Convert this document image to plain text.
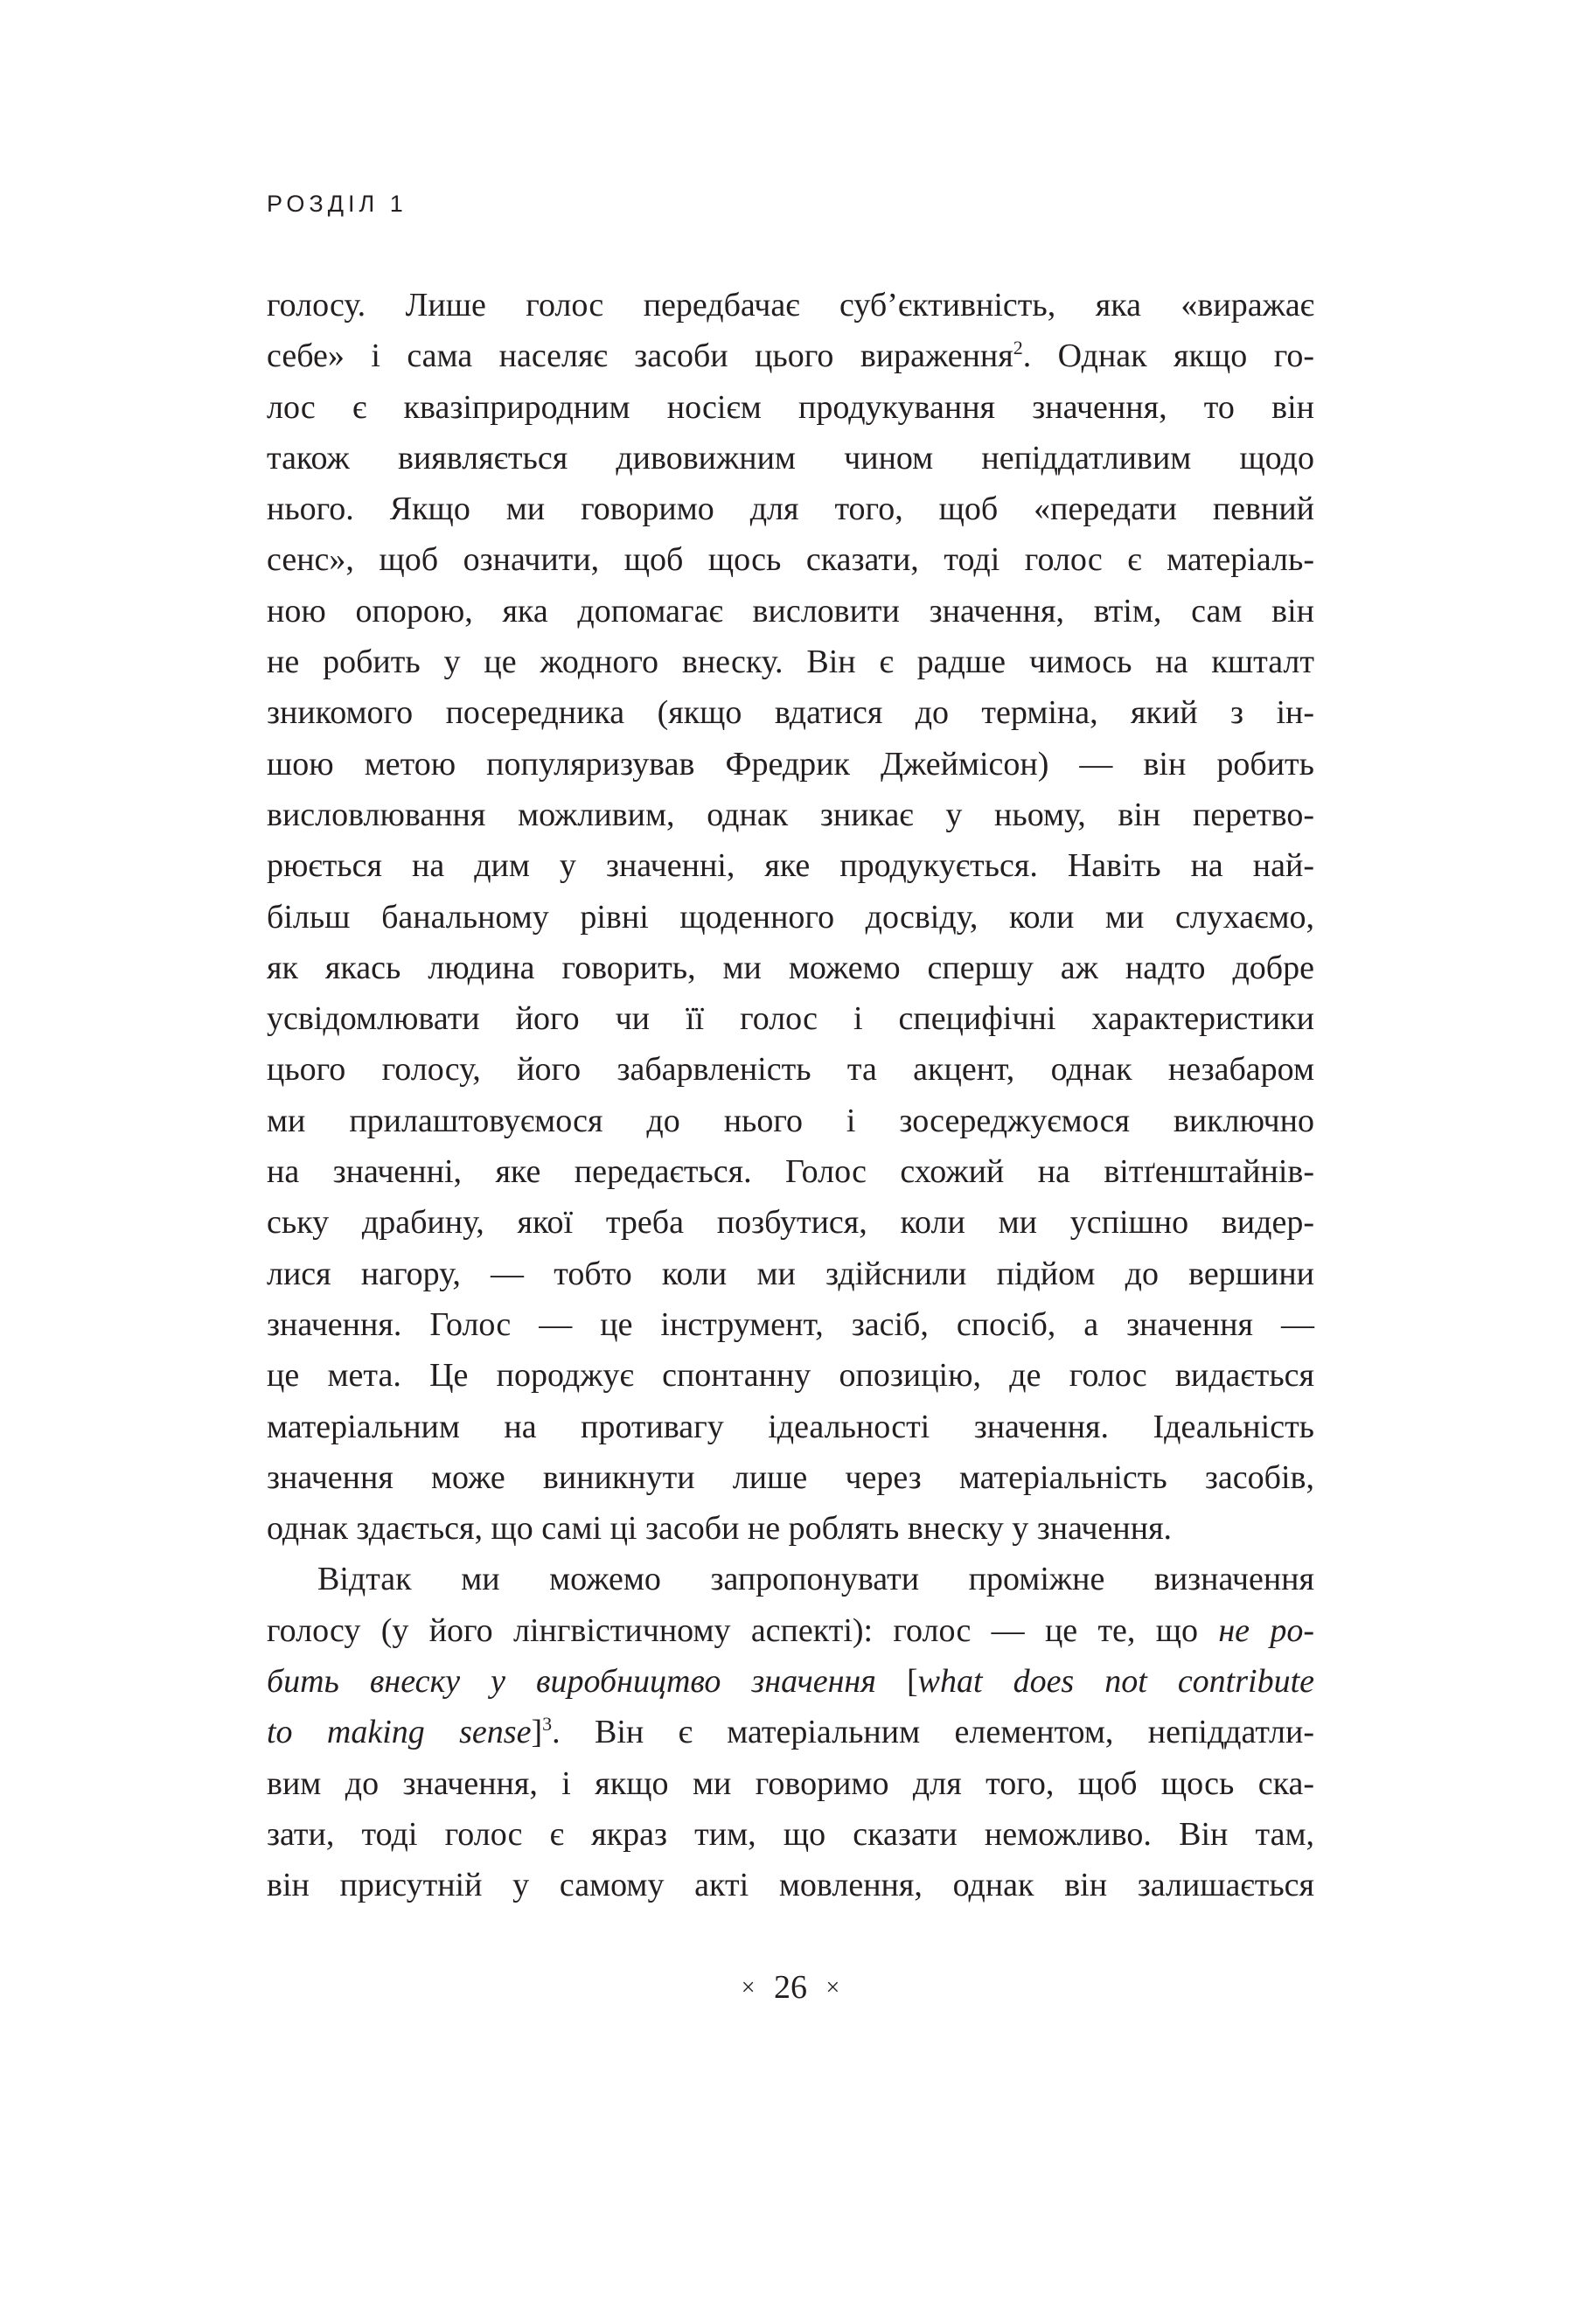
РОЗДІЛ 1
голосу. Лише голос передбачає суб’єктивність, яка «виражає
себе» і сама населяє засоби цього вираження$^2$. Однак якщо го-
лос є квазіприродним носієм продукування значення, то він
також виявляється дивовижним чином непіддатливим щодо
нього. Якщо ми говоримо для того, щоб «передати певний
сенс», щоб означити, щоб щось сказати, тоді голос є матеріаль-
ною опорою, яка допомагає висловити значення, втім, сам він
не робить у це жодного внеску. Він є радше чимось на кшталт
зникомого посередника (якщо вдатися до терміна, який з ін-
шою метою популяризував Фредрик Джеймісон) — він робить
висловлювання можливим, однак зникає у ньому, він перетво-
рюється на дим у значенні, яке продукується. Навіть на най-
більш банальному рівні щоденного досвіду, коли ми слухаємо,
як якась людина говорить, ми можемо спершу аж надто добре
усвідомлювати його чи її голос і специфічні характеристики
цього голосу, його забарвленість та акцент, однак незабаром
ми прилаштовуємося до нього і зосереджуємося виключно
на значенні, яке передається. Голос схожий на вітґенштайнів-
ську драбину, якої треба позбутися, коли ми успішно видер-
лися нагору, — тобто коли ми здійснили підйом до вершини
значення. Голос — це інструмент, засіб, спосіб, а значення —
це мета. Це породжує спонтанну опозицію, де голос видається
матеріальним на противагу ідеальності значення. Ідеальність
значення може виникнути лише через матеріальність засобів,
однак здається, що самі ці засоби не роблять внеску у значення.
Відтак ми можемо запропонувати проміжне визначення
голосу (у його лінгвістичному аспекті): голос — це те, що не ро-
бить внеску у виробництво значення [what does not contribute
to making sense]$^3$. Він є матеріальним елементом, непіддатли-
вим до значення, і якщо ми говоримо для того, щоб щось ска-
зати, тоді голос є якраз тим, що сказати неможливо. Він там,
він присутній у самому акті мовлення, однак він залишається
× 26 ×
